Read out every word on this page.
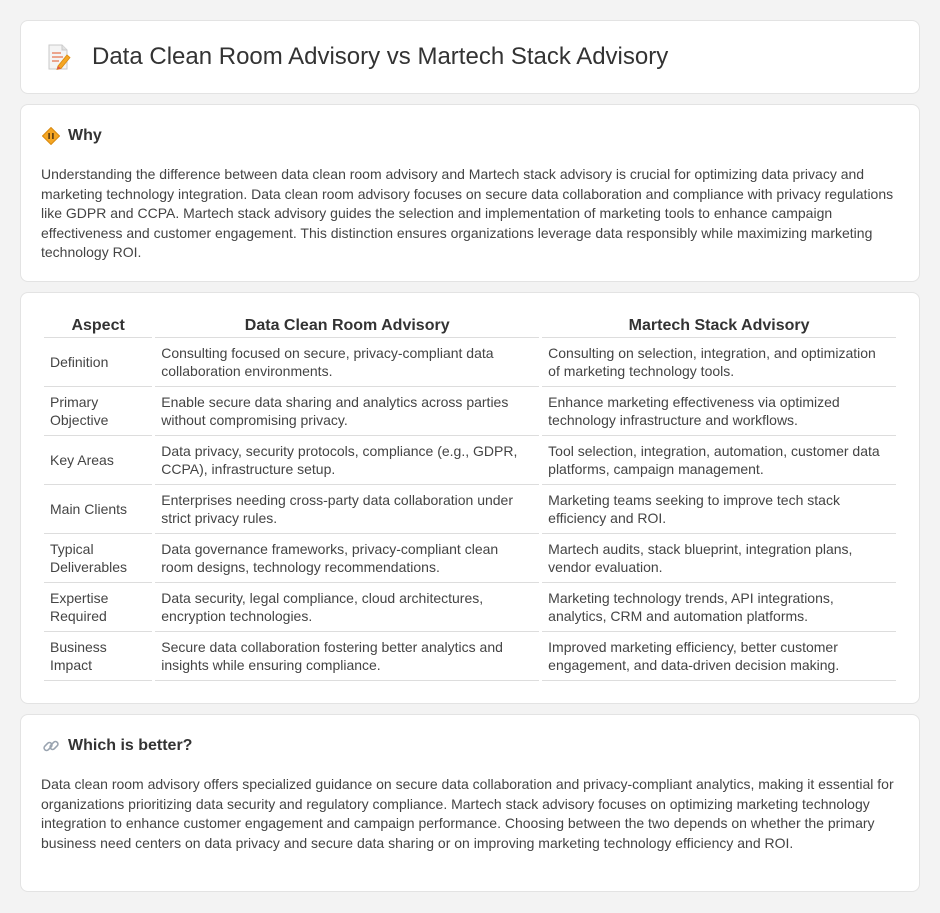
Data Clean Room Advisory vs Martech Stack Advisory
Why

Understanding the difference between data clean room advisory and Martech stack advisory is crucial for optimizing data privacy and marketing technology integration. Data clean room advisory focuses on secure data collaboration and compliance with privacy regulations like GDPR and CCPA. Martech stack advisory guides the selection and implementation of marketing tools to enhance campaign effectiveness and customer engagement. This distinction ensures organizations leverage data responsibly while maximizing marketing technology ROI.

Aspect	Data Clean Room Advisory	Martech Stack Advisory
Definition	Consulting focused on secure, privacy-compliant data collaboration environments.	Consulting on selection, integration, and optimization of marketing technology tools.
Primary Objective	Enable secure data sharing and analytics across parties without compromising privacy.	Enhance marketing effectiveness via optimized technology infrastructure and workflows.
Key Areas	Data privacy, security protocols, compliance (e.g., GDPR, CCPA), infrastructure setup.	Tool selection, integration, automation, customer data platforms, campaign management.
Main Clients	Enterprises needing cross-party data collaboration under strict privacy rules.	Marketing teams seeking to improve tech stack efficiency and ROI.
Typical Deliverables	Data governance frameworks, privacy-compliant clean room designs, technology recommendations.	Martech audits, stack blueprint, integration plans, vendor evaluation.
Expertise Required	Data security, legal compliance, cloud architectures, encryption technologies.	Marketing technology trends, API integrations, analytics, CRM and automation platforms.
Business Impact	Secure data collaboration fostering better analytics and insights while ensuring compliance.	Improved marketing efficiency, better customer engagement, and data-driven decision making.
Which is better?

Data clean room advisory offers specialized guidance on secure data collaboration and privacy-compliant analytics, making it essential for organizations prioritizing data security and regulatory compliance. Martech stack advisory focuses on optimizing marketing technology integration to enhance customer engagement and campaign performance. Choosing between the two depends on whether the primary business need centers on data privacy and secure data sharing or on improving marketing technology efficiency and ROI.
